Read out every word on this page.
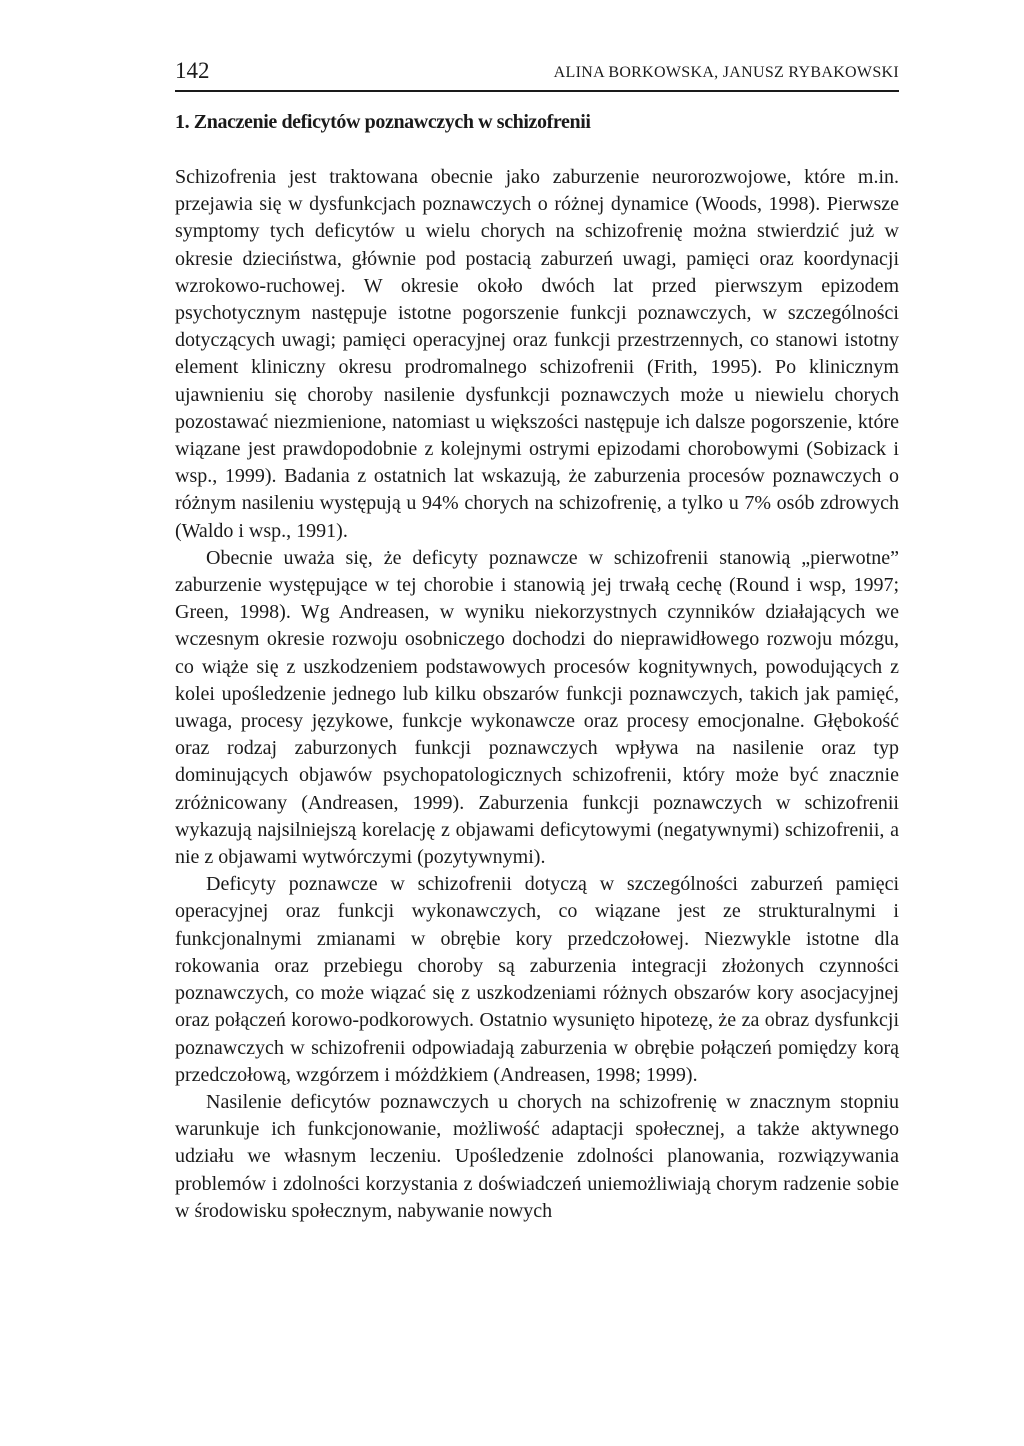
142	ALINA BORKOWSKA, JANUSZ RYBAKOWSKI
1. Znaczenie deficytów poznawczych w schizofrenii

Schizofrenia jest traktowana obecnie jako zaburzenie neurorozwojowe, które m.in. przejawia się w dysfunkcjach poznawczych o różnej dynamice (Woods, 1998). Pierwsze symptomy tych deficytów u wielu chorych na schizofrenię można stwierdzić już w okresie dzieciństwa, głównie pod postacią zaburzeń uwagi, pamięci oraz koordynacji wzrokowo-ruchowej. W okresie około dwóch lat przed pierwszym epizodem psychotycznym następuje istotne pogorszenie funkcji poznawczych, w szczególności dotyczących uwagi; pamięci operacyjnej oraz funkcji przestrzennych, co stanowi istotny element kliniczny okresu prodromalnego schizofrenii (Frith, 1995). Po klinicznym ujawnieniu się choroby nasilenie dysfunkcji poznawczych może u niewielu chorych pozostawać niezmienione, natomiast u większości następuje ich dalsze pogorszenie, które wiązane jest prawdopodobnie z kolejnymi ostrymi epizodami chorobowymi (Sobizack i wsp., 1999). Badania z ostatnich lat wskazują, że zaburzenia procesów poznawczych o różnym nasileniu występują u 94% chorych na schizofrenię, a tylko u 7% osób zdrowych (Waldo i wsp., 1991).

Obecnie uważa się, że deficyty poznawcze w schizofrenii stanowią „pierwotne” zaburzenie występujące w tej chorobie i stanowią jej trwałą cechę (Round i wsp, 1997; Green, 1998). Wg Andreasen, w wyniku niekorzystnych czynników działających we wczesnym okresie rozwoju osobniczego dochodzi do nieprawidłowego rozwoju mózgu, co wiąże się z uszkodzeniem podstawowych procesów kognitywnych, powodujących z kolei upośledzenie jednego lub kilku obszarów funkcji poznawczych, takich jak pamięć, uwaga, procesy językowe, funkcje wykonawcze oraz procesy emocjonalne. Głębokość oraz rodzaj zaburzonych funkcji poznawczych wpływa na nasilenie oraz typ dominujących objawów psychopatologicznych schizofrenii, który może być znacznie zróżnicowany (Andreasen, 1999). Zaburzenia funkcji poznawczych w schizofrenii wykazują najsilniejszą korelację z objawami deficytowymi (negatywnymi) schizofrenii, a nie z objawami wytwórczymi (pozytywnymi).

Deficyty poznawcze w schizofrenii dotyczą w szczególności zaburzeń pamięci operacyjnej oraz funkcji wykonawczych, co wiązane jest ze strukturalnymi i funkcjonalnymi zmianami w obrębie kory przedczołowej. Niezwykle istotne dla rokowania oraz przebiegu choroby są zaburzenia integracji złożonych czynności poznawczych, co może wiązać się z uszkodzeniami różnych obszarów kory asocjacyjnej oraz połączeń korowo-podkorowych. Ostatnio wysunięto hipotezę, że za obraz dysfunkcji poznawczych w schizofrenii odpowiadają zaburzenia w obrębie połączeń pomiędzy korą przedczołową, wzgórzem i móżdżkiem (Andreasen, 1998; 1999).

Nasilenie deficytów poznawczych u chorych na schizofrenię w znacznym stopniu warunkuje ich funkcjonowanie, możliwość adaptacji społecznej, a także aktywnego udziału we własnym leczeniu. Upośledzenie zdolności planowania, rozwiązywania problemów i zdolności korzystania z doświadczeń uniemożliwiają chorym radzenie sobie w środowisku społecznym, nabywanie nowych
